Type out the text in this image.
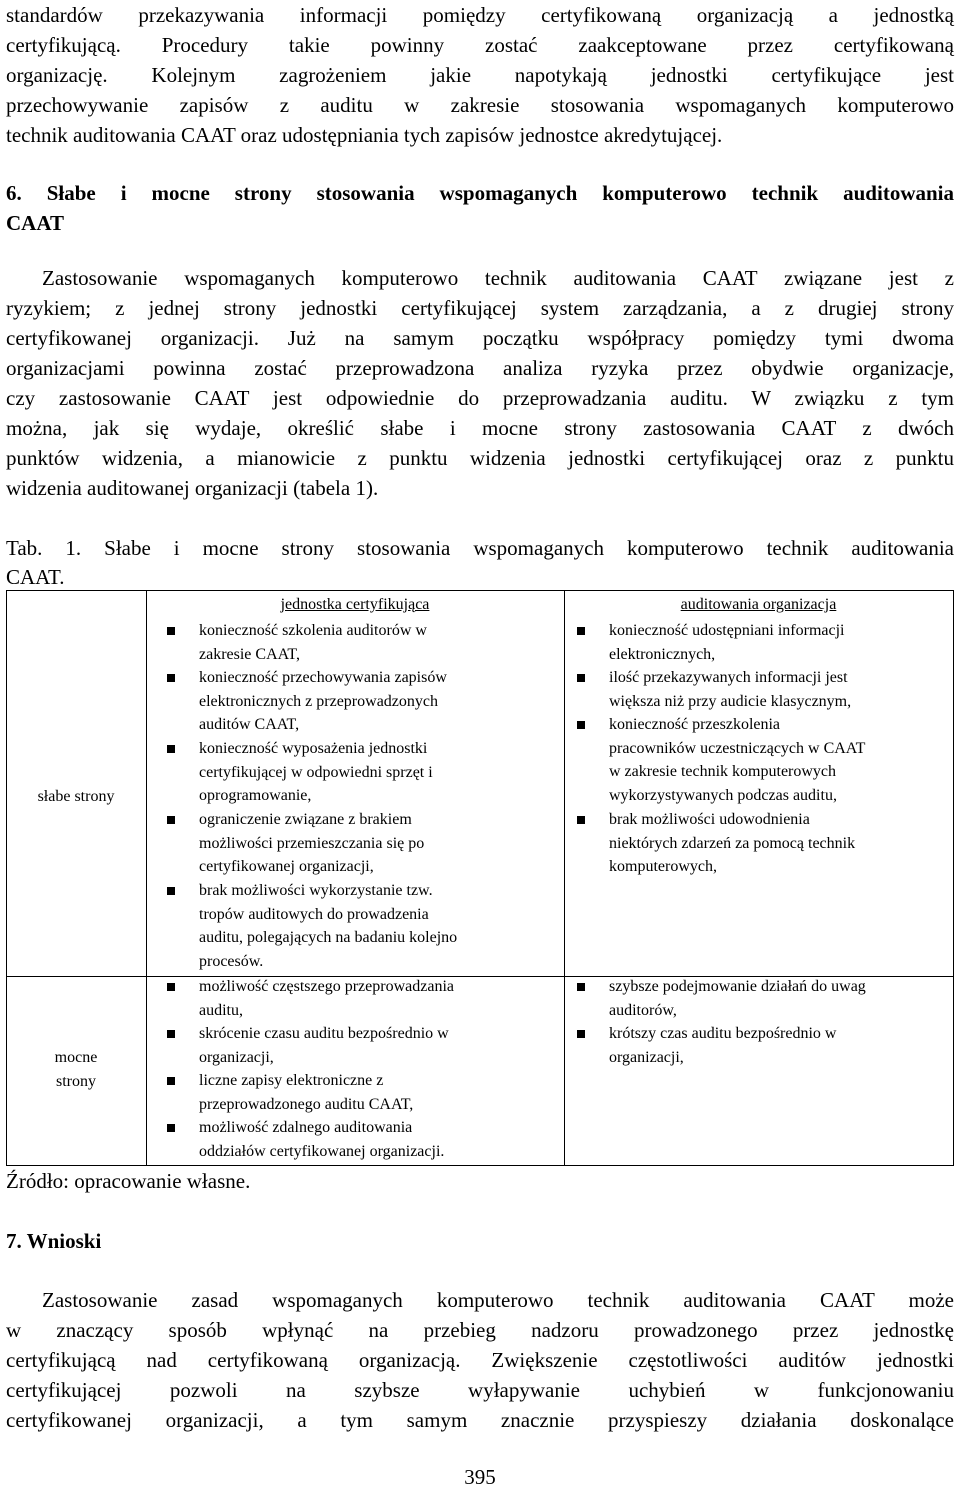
standardów przekazywania informacji pomiędzy certyfikowaną organizacją a jednostką
certyfikującą. Procedury takie powinny zostać zaakceptowane przez certyfikowaną
organizację. Kolejnym zagrożeniem jakie napotykają jednostki certyfikujące jest
przechowywanie zapisów z auditu w zakresie stosowania wspomaganych komputerowo
technik auditowania CAAT oraz udostępniania tych zapisów jednostce akredytującej.
6. Słabe i mocne strony stosowania wspomaganych komputerowo technik auditowania
CAAT
Zastosowanie wspomaganych komputerowo technik auditowania CAAT związane jest z
ryzykiem; z jednej strony jednostki certyfikującej system zarządzania, a z drugiej strony
certyfikowanej organizacji. Już na samym początku współpracy pomiędzy tymi dwoma
organizacjami powinna zostać przeprowadzona analiza ryzyka przez obydwie organizacje,
czy zastosowanie CAAT jest odpowiednie do przeprowadzania auditu. W związku z tym
można, jak się wydaje, określić słabe i mocne strony zastosowania CAAT z dwóch
punktów widzenia, a mianowicie z punktu widzenia jednostki certyfikującej oraz z punktu
widzenia auditowanej organizacji (tabela 1).
Tab. 1. Słabe i mocne strony stosowania wspomaganych komputerowo technik auditowania
CAAT.
jednostka certyfikująca	auditowania organizacja
słabe strony
konieczność szkolenia auditorów w
zakresie CAAT,
konieczność przechowywania zapisów
elektronicznych z przeprowadzonych
auditów CAAT,
konieczność wyposażenia jednostki
certyfikującej w odpowiedni sprzęt i
oprogramowanie,
ograniczenie związane z brakiem
możliwości przemieszczania się po
certyfikowanej organizacji,
brak możliwości wykorzystanie tzw.
tropów auditowych do prowadzenia
auditu, polegających na badaniu kolejno
procesów.
konieczność udostępniani informacji
elektronicznych,
ilość przekazywanych informacji jest
większa niż przy audicie klasycznym,
konieczność przeszkolenia
pracowników uczestniczących w CAAT
w zakresie technik komputerowych
wykorzystywanych podczas auditu,
brak możliwości udowodnienia
niektórych zdarzeń za pomocą technik
komputerowych,
mocne
strony
możliwość częstszego przeprowadzania
auditu,
skrócenie czasu auditu bezpośrednio w
organizacji,
liczne zapisy elektroniczne z
przeprowadzonego auditu CAAT,
możliwość zdalnego auditowania
oddziałów certyfikowanej organizacji.
szybsze podejmowanie działań do uwag
auditorów,
krótszy czas auditu bezpośrednio w
organizacji,
Źródło: opracowanie własne.
7. Wnioski
Zastosowanie zasad wspomaganych komputerowo technik auditowania CAAT może
w znaczący sposób wpłynąć na przebieg nadzoru prowadzonego przez jednostkę
certyfikującą nad certyfikowaną organizacją. Zwiększenie częstotliwości auditów jednostki
certyfikującej pozwoli na szybsze wyłapywanie uchybień w funkcjonowaniu
certyfikowanej organizacji, a tym samym znacznie przyspieszy działania doskonalące
395
